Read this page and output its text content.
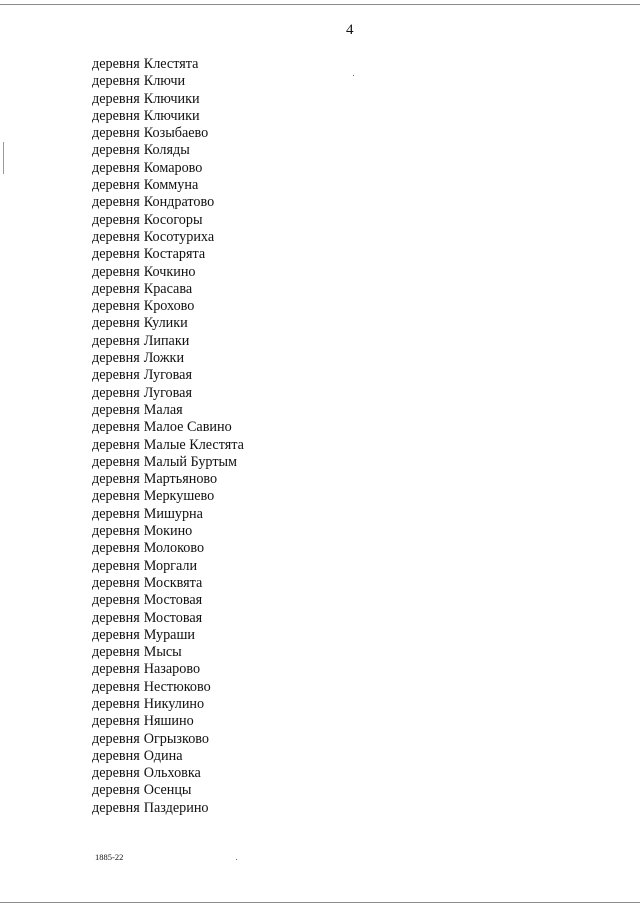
4
деревня Клестята
деревня Ключи
деревня Ключики
деревня Ключики
деревня Козыбаево
деревня Коляды
деревня Комарово
деревня Коммуна
деревня Кондратово
деревня Косогоры
деревня Косотуриха
деревня Костарята
деревня Кочкино
деревня Красава
деревня Крохово
деревня Кулики
деревня Липаки
деревня Ложки
деревня Луговая
деревня Луговая
деревня Малая
деревня Малое Савино
деревня Малые Клестята
деревня Малый Буртым
деревня Мартьяново
деревня Меркушево
деревня Мишурна
деревня Мокино
деревня Молоково
деревня Моргали
деревня Москвята
деревня Мостовая
деревня Мостовая
деревня Мураши
деревня Мысы
деревня Назарово
деревня Нестюково
деревня Никулино
деревня Няшино
деревня Огрызково
деревня Одина
деревня Ольховка
деревня Осенцы
деревня Паздерино
1885-22
